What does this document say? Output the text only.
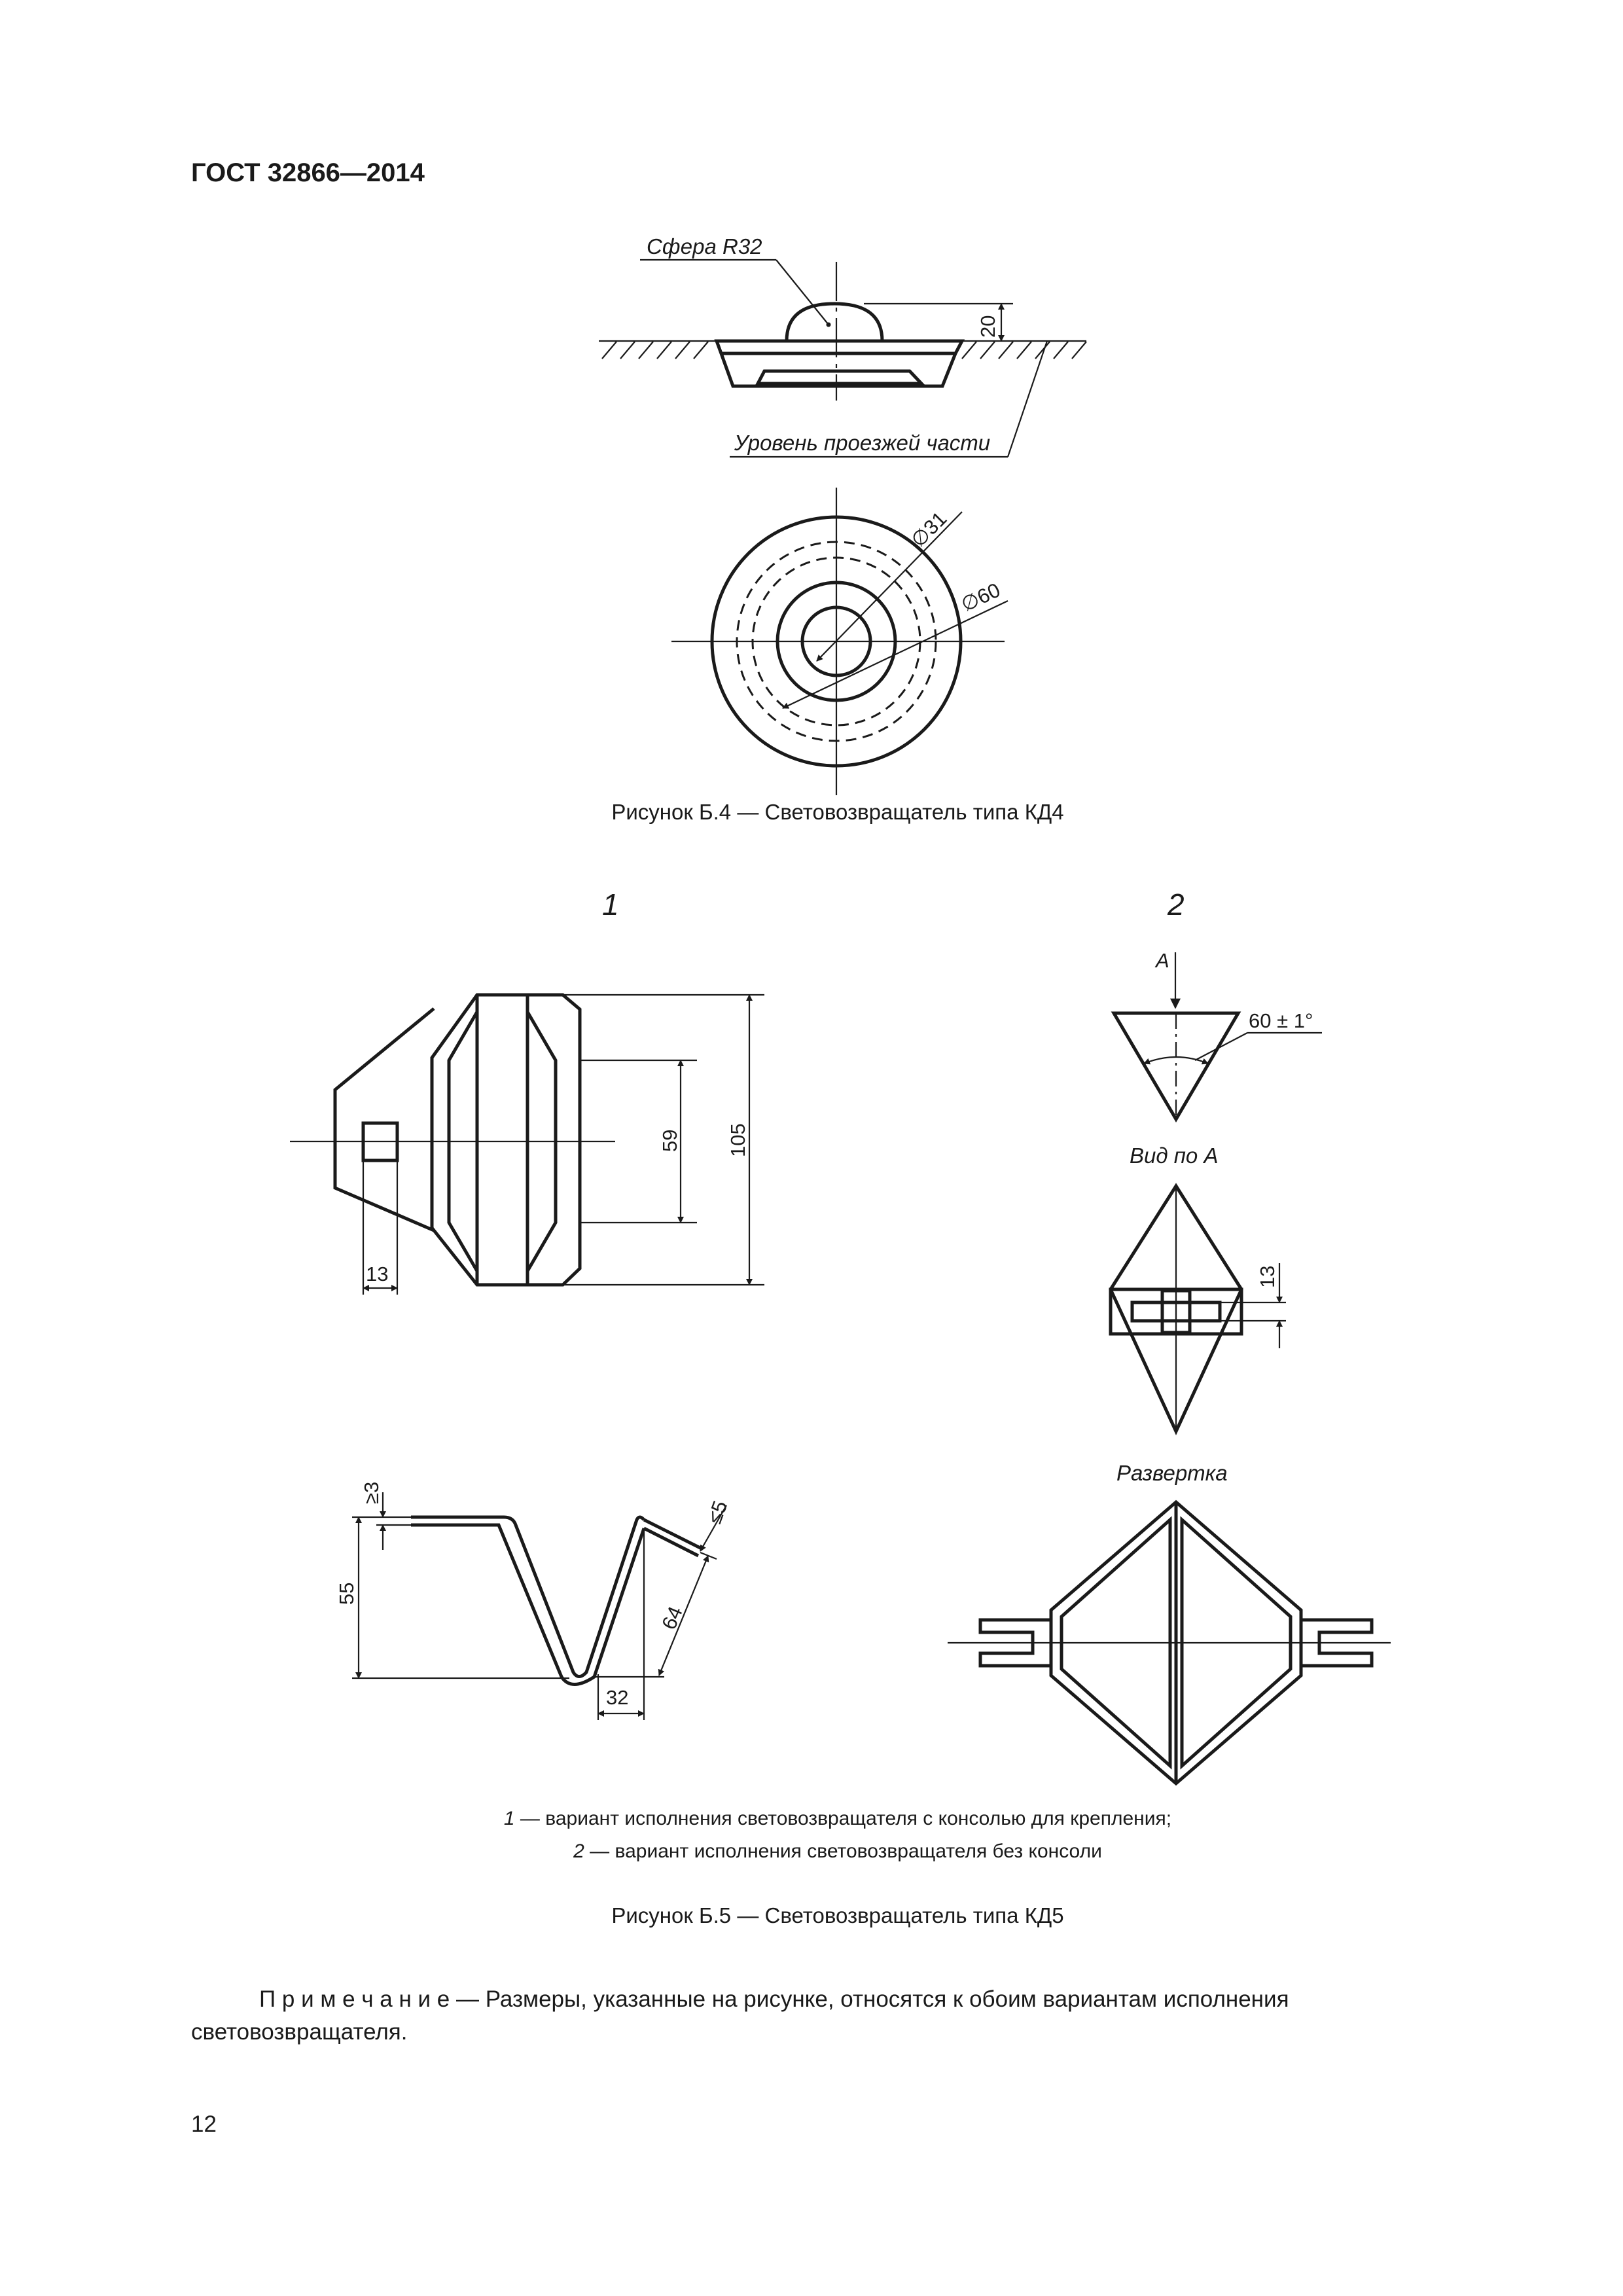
ГОСТ 32866—2014
Сфера R32
Уровень проезжей части
20
∅31
∅60
1	2
59 105
13
A
60 ± 1°
Вид по А
13
≥3
≤5
55
64
32
Развертка
Рисунок Б.4 — Световозвращатель типа КД4
1 — вариант исполнения световозвращателя с консолью для крепления;
2 — вариант исполнения световозвращателя без консоли
Рисунок Б.5 — Световозвращатель типа КД5
П р и м е ч а н и е — Размеры, указанные на рисунке, относятся к обоим вариантам исполнения световозвращателя.
12
